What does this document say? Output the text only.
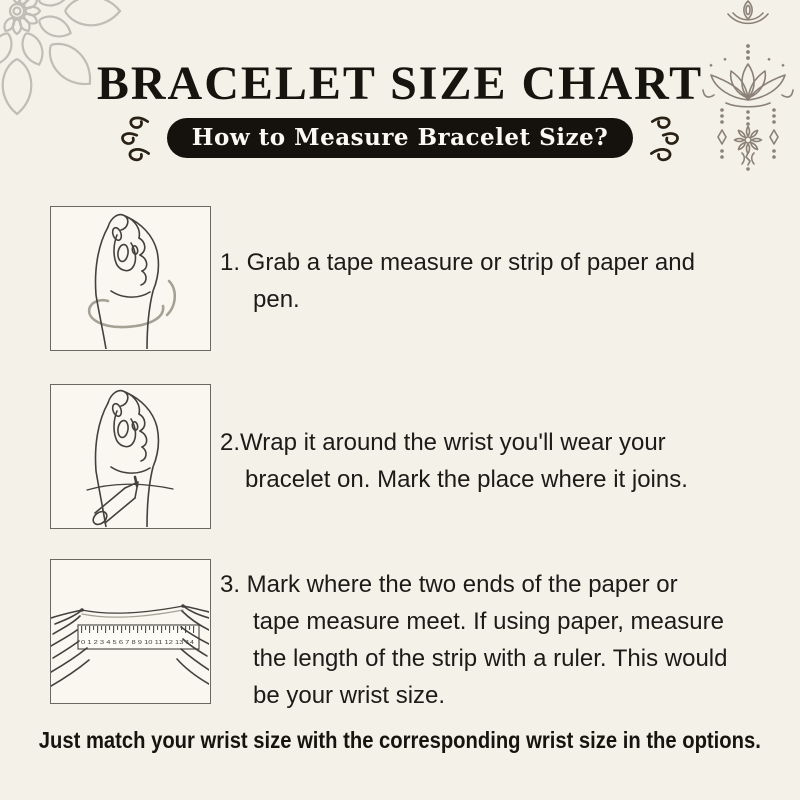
BRACELET SIZE CHART
How to Measure Bracelet Size?
1. Grab a tape measure or strip of paper and
pen.
2.Wrap it around the wrist you'll wear your
bracelet on. Mark the place where it joins.
0 1 2 3 4 5 6 7 8 9 10 11 12 13 14
3. Mark where the two ends of the paper or
tape measure meet. If using paper, measure
the length of the strip with a ruler. This would
be your wrist size.
Just match your wrist size with the corresponding wrist size in the options.
